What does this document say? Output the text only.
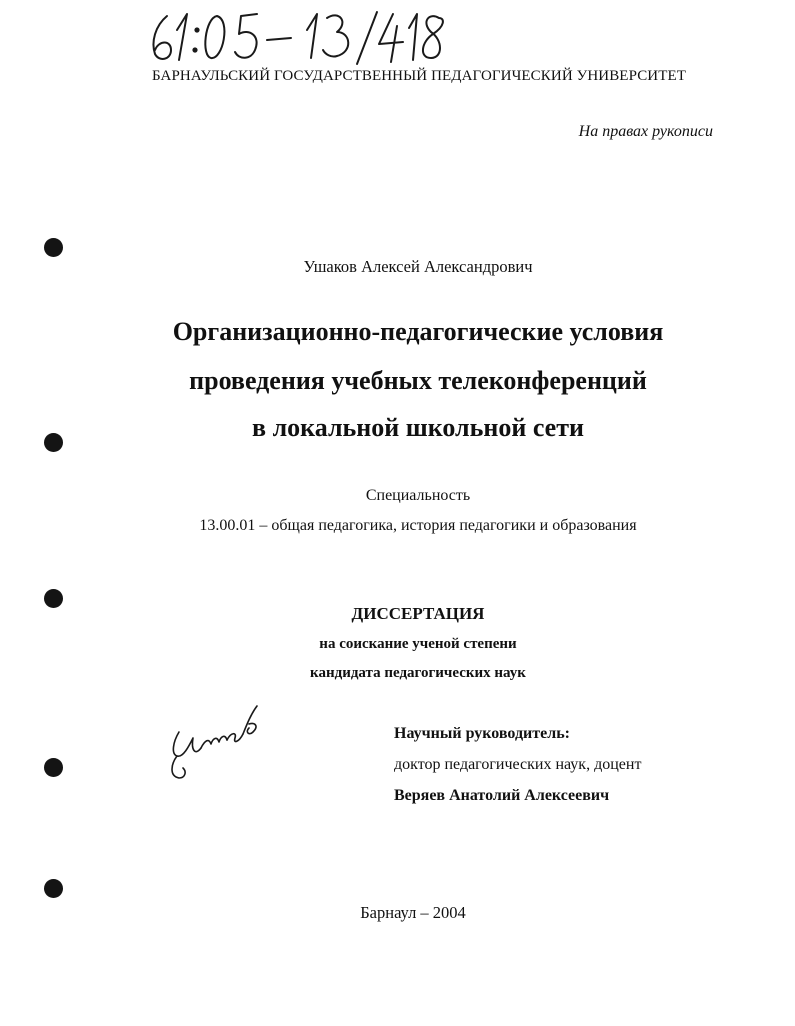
БАРНАУЛЬСКИЙ ГОСУДАРСТВЕННЫЙ ПЕДАГОГИЧЕСКИЙ УНИВЕРСИТЕТ
На правах рукописи
Ушаков Алексей Александрович
Организационно-педагогические условия
проведения учебных телеконференций
в локальной школьной сети
Специальность
13.00.01 – общая педагогика, история педагогики и образования
ДИССЕРТАЦИЯ
на соискание ученой степени
кандидата педагогических наук
Научный руководитель:
доктор педагогических наук, доцент
Веряев Анатолий Алексеевич
Барнаул – 2004
